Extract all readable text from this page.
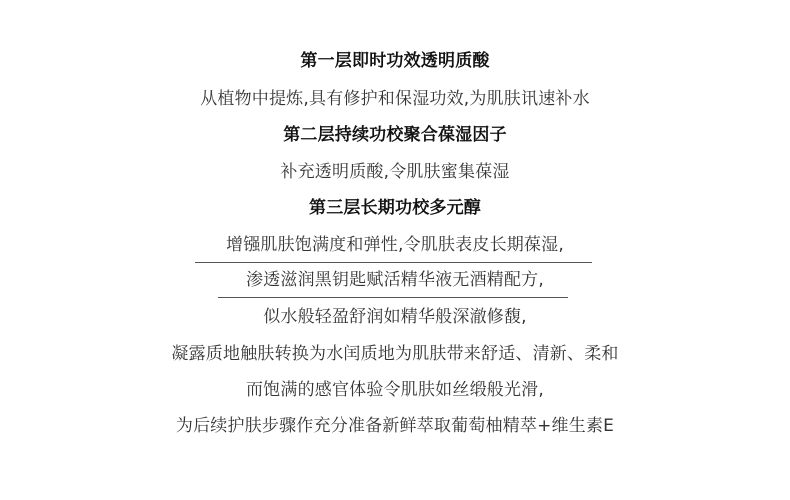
第一层即时功效透明质酸
从植物中提炼,具有修护和保湿功效,为肌肤讯速补水
第二层持续功校聚合葆湿因子
补充透明质酸,令肌肤蜜集葆湿
第三层长期功校多元醇
增镪肌肤饱满度和弹性,令肌肤表皮长期葆湿,
渗透滋润黑钥匙赋活精华液无酒精配方,
似水般轻盈舒润如精华般深澈修馥,
凝露质地触肤转换为水闰质地为肌肤带来舒适、清新、柔和
而饱满的感官体验令肌肤如丝缎般光滑,
为后续护肤步骤作充分准备新鲜萃取葡萄柚精萃+维生素E
